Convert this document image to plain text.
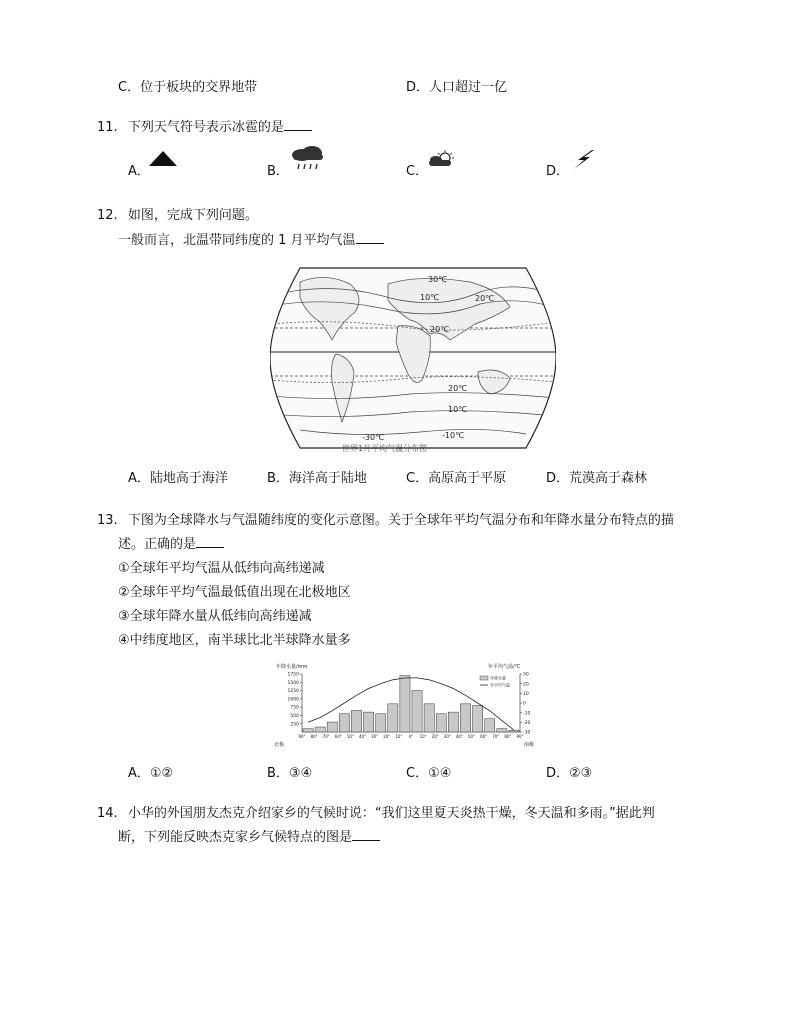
C．位于板块的交界地带	D．人口超过一亿
11. 下列天气符号表示冰雹的是
A．	B．	C．	D．
12. 如图，完成下列问题。
一般而言，北温带同纬度的 1 月平均气温
30℃
10℃	20℃
20℃
20℃
10℃
-30℃	-10℃
世界1月平均气温分布图
A．陆地高于海洋	B．海洋高于陆地	C．高原高于平原	D．荒漠高于森林
13. 下图为全球降水与气温随纬度的变化示意图。关于全球年平均气温分布和年降水量分布特点的描
述。正确的是
①全球年平均气温从低纬向高纬递减
②全球年平均气温最低值出现在北极地区
③全球年降水量从低纬向高纬递减
④中纬度地区，南半球比北半球降水量多
年降水量/mm	年平均气温/℃
北极	南极
250
500
750
1000
1250
1500
1750	30
20
10
0
-10
-20
-30
90° 80° 70° 60° 50° 40° 30° 20° 10° 0° 10° 20° 30° 40° 50° 60° 70° 80° 90°
年降水量
年平均气温
A．①②	B．③④	C．①④	D．②③
14. 小华的外国朋友杰克介绍家乡的气候时说：“我们这里夏天炎热干燥，冬天温和多雨。”据此判
断，下列能反映杰克家乡气候特点的图是
